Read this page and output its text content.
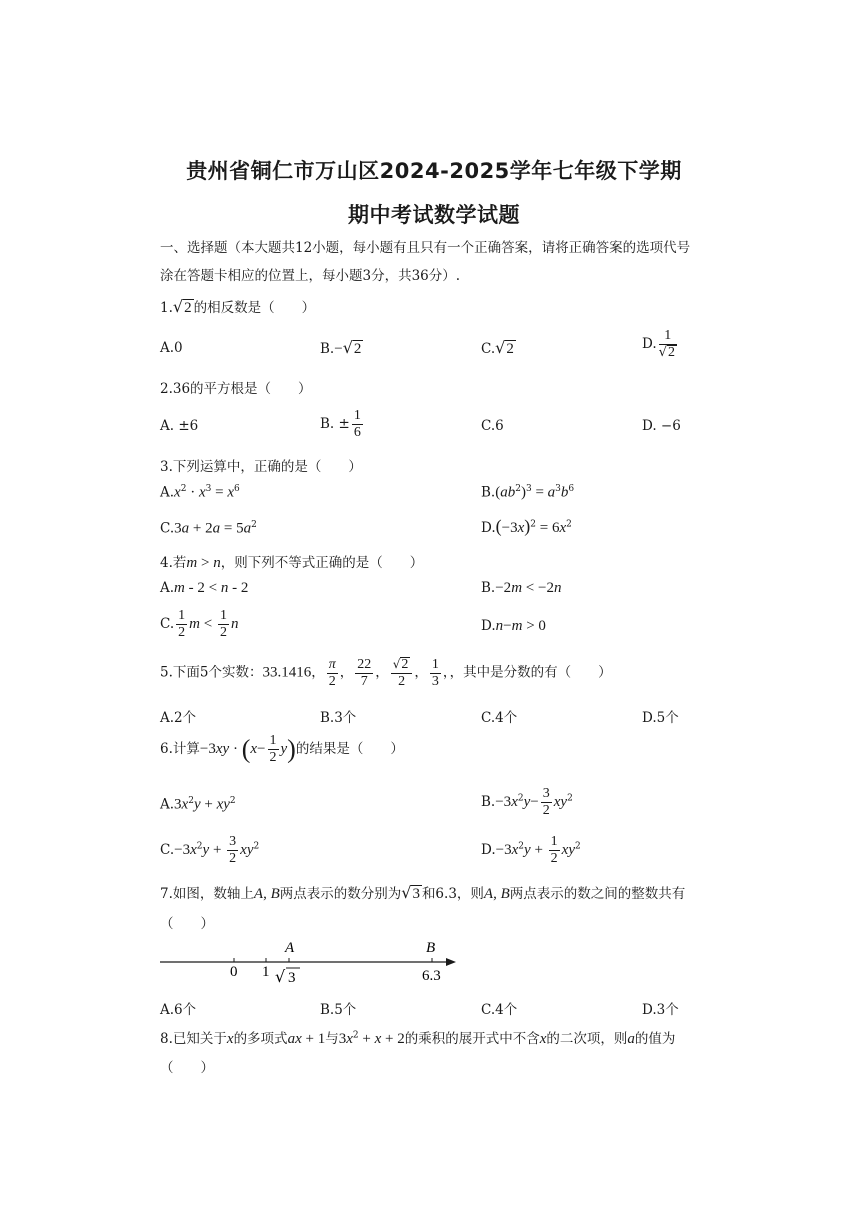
贵州省铜仁市万山区2024-2025学年七年级下学期
期中考试数学试题
一、选择题（本大题共12小题，每小题有且只有一个正确答案，请将正确答案的选项代号
涂在答题卡相应的位置上，每小题3分，共36分）.
1.√2 的相反数是（　　）
A.0	B.−√2	C.√2	D. $\frac{1}{√2}$
2.36的平方根是（　　）
A. ±6	B. ± $\frac{1}{6}$	C.6	D. −6
3.下列运算中，正确的是（　　）
$A.x^2 \cdot x^3 = x^6$	$B.(ab^2)^3 = a^3b^6$
$C.3a + 2a = 5a^2$	$D.(-3x)^2 = 6x^2$
4.若m > n，则下列不等式正确的是（　　）
A.m - 2 < n - 2	B.−2m < −2n
C. $\frac{1}{2}$ $m < \frac{1}{2}$ n	D.n−m > 0
5.下面5个实数：33.1416， $\frac{\pi}{2}$ ， $\frac{22}{7}$ ， $\frac{√2}{2}$ ， $\frac{1}{3}$ ，，其中是分数的有（　　）
A.2个	B.3个	C.4个	D.5个
6.计算$-3xy \cdot (x- \frac{1}{2} y)$的结果是（　　）
$A.3x^2y + xy^2$	$B.-3x^2y- \frac{3}{2} xy^2$
$C.-3x^2y + \frac{3}{2} xy^2$	$D.-3x^2y + \frac{1}{2} xy^2$
7.如图，数轴上A, B两点表示的数分别为√3 和6.3，则A, B两点表示的数之间的整数共有
（　　）
A	B
0 1 √ 3	6.3
A.6个	B.5个	C.4个	D.3个
8.已知关于x的多项式ax + 1与$3x^2 + x + 2$的乘积的展开式中不含x的二次项，则a的值为
（　　）
